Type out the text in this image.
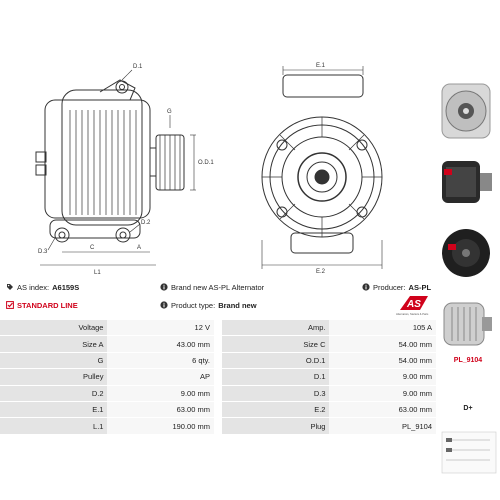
D.1
G
O.D.1
D.2
D.3
C	A
L1
E.1
E.2

PL_9104
D+
AS index: A6159S	Brand new AS-PL Alternator	Producer: AS-PL
STANDARD LINE	Product type: Brand new	AS
Alternators, Starters & Parts
Voltage	12 V		Amp.	105 A
Size A	43.00 mm		Size C	54.00 mm
G	6 qty.		O.D.1	54.00 mm
Pulley	AP		D.1	9.00 mm
D.2	9.00 mm		D.3	9.00 mm
E.1	63.00 mm		E.2	63.00 mm
L.1	190.00 mm		Plug	PL_9104
